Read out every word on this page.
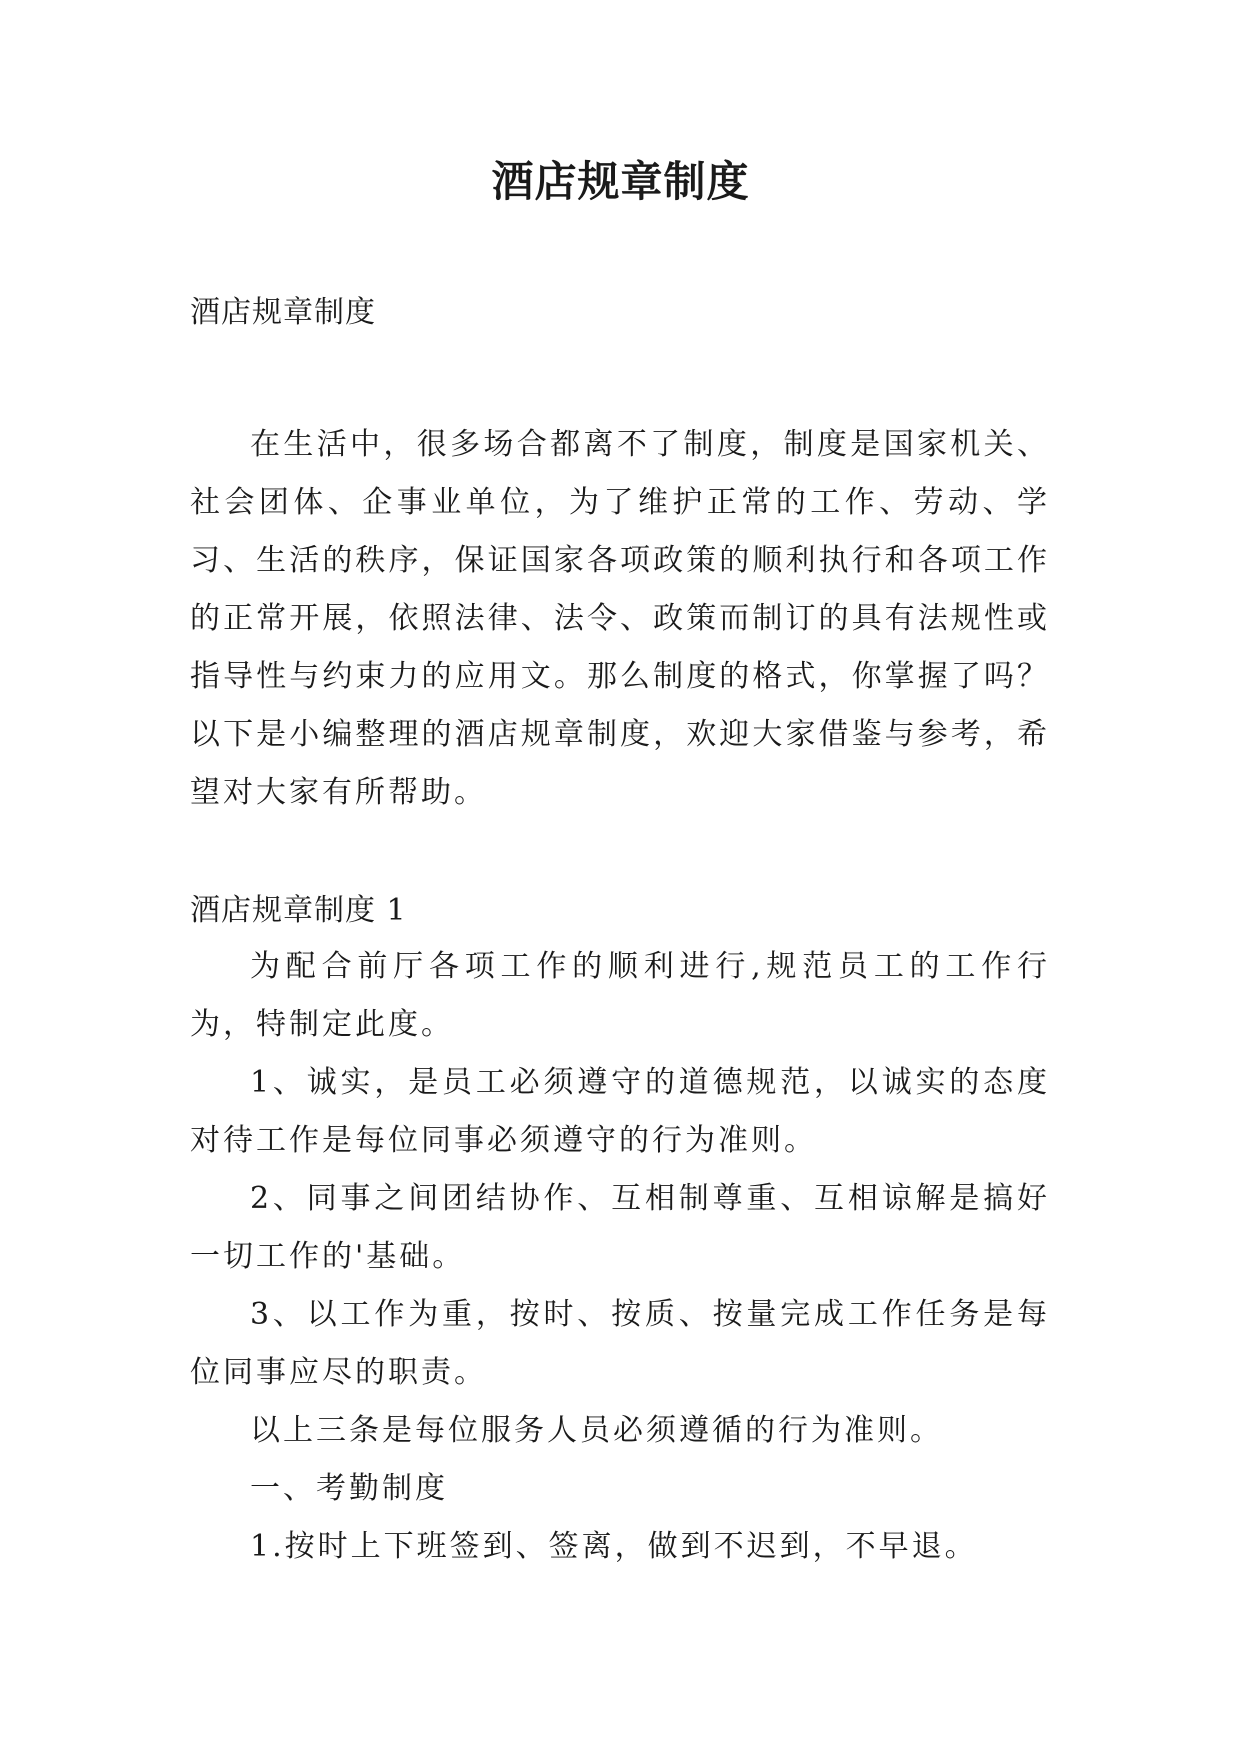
酒店规章制度

酒店规章制度

在生活中，很多场合都离不了制度，制度是国家机关、社会团体、企事业单位，为了维护正常的工作、劳动、学习、生活的秩序，保证国家各项政策的顺利执行和各项工作的正常开展，依照法律、法令、政策而制订的具有法规性或指导性与约束力的应用文。那么制度的格式，你掌握了吗？以下是小编整理的酒店规章制度，欢迎大家借鉴与参考，希望对大家有所帮助。

酒店规章制度 1

为配合前厅各项工作的顺利进行,规范员工的工作行为，特制定此度。

1、诚实，是员工必须遵守的道德规范，以诚实的态度对待工作是每位同事必须遵守的行为准则。

2、同事之间团结协作、互相制尊重、互相谅解是搞好一切工作的'基础。

3、以工作为重，按时、按质、按量完成工作任务是每位同事应尽的职责。

以上三条是每位服务人员必须遵循的行为准则。

一、考勤制度

1.按时上下班签到、签离，做到不迟到，不早退。
